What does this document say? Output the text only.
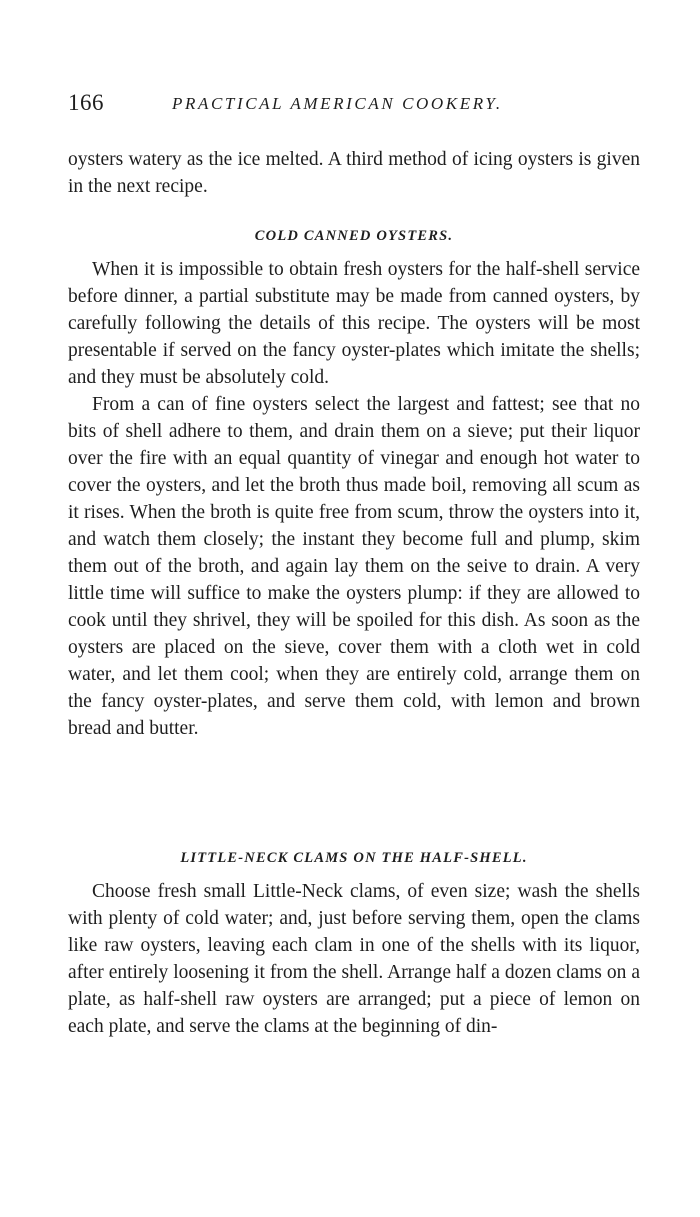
166	PRACTICAL AMERICAN COOKERY.

oysters watery as the ice melted. A third method of icing oysters is given in the next recipe.

COLD CANNED OYSTERS.

When it is impossible to obtain fresh oysters for the half-shell service before dinner, a partial substitute may be made from canned oysters, by carefully following the details of this recipe. The oysters will be most presentable if served on the fancy oyster-plates which imitate the shells; and they must be absolutely cold.

From a can of fine oysters select the largest and fattest; see that no bits of shell adhere to them, and drain them on a sieve; put their liquor over the fire with an equal quantity of vinegar and enough hot water to cover the oysters, and let the broth thus made boil, removing all scum as it rises. When the broth is quite free from scum, throw the oysters into it, and watch them closely; the instant they become full and plump, skim them out of the broth, and again lay them on the seive to drain. A very little time will suffice to make the oysters plump: if they are allowed to cook until they shrivel, they will be spoiled for this dish. As soon as the oysters are placed on the sieve, cover them with a cloth wet in cold water, and let them cool; when they are entirely cold, arrange them on the fancy oyster-plates, and serve them cold, with lemon and brown bread and butter.

LITTLE-NECK CLAMS ON THE HALF-SHELL.

Choose fresh small Little-Neck clams, of even size; wash the shells with plenty of cold water; and, just before serving them, open the clams like raw oysters, leaving each clam in one of the shells with its liquor, after entirely loosening it from the shell. Arrange half a dozen clams on a plate, as half-shell raw oysters are arranged; put a piece of lemon on each plate, and serve the clams at the beginning of din-
